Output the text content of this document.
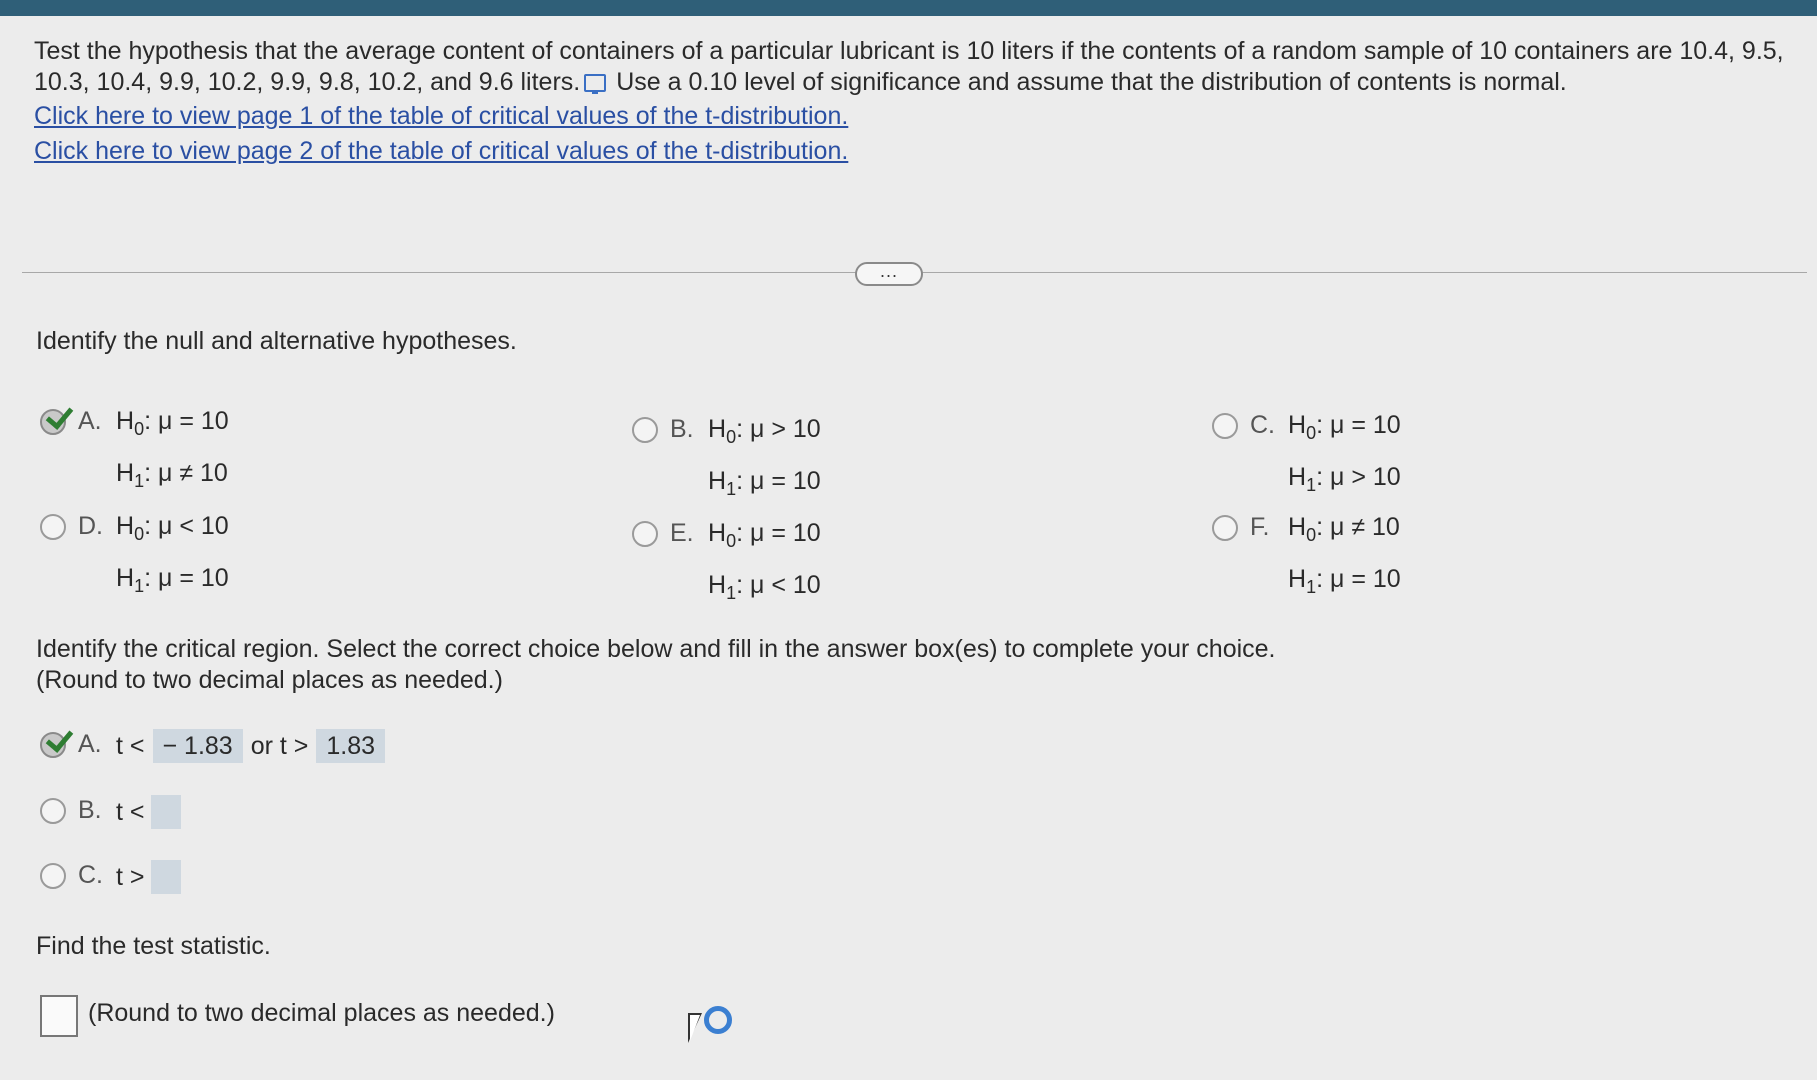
Test the hypothesis that the average content of containers of a particular lubricant is 10 liters if the contents of a random sample of 10 containers are 10.4, 9.5, 10.3, 10.4, 9.9, 10.2, 9.9, 9.8, 10.2, and 9.6 liters. Use a 0.10 level of significance and assume that the distribution of contents is normal.
Click here to view page 1 of the table of critical values of the t-distribution.
Click here to view page 2 of the table of critical values of the t-distribution.
...
Identify the null and alternative hypotheses.
A. $H_0$: μ = 10
$H_1$: μ ≠ 10
B. $H_0$: μ > 10
$H_1$: μ = 10
C. $H_0$: μ = 10
$H_1$: μ > 10
D. $H_0$: μ < 10
$H_1$: μ = 10
E. $H_0$: μ = 10
$H_1$: μ < 10
F. $H_0$: μ ≠ 10
$H_1$: μ = 10
Identify the critical region. Select the correct choice below and fill in the answer box(es) to complete your choice.
(Round to two decimal places as needed.)
A. t < − 1.83 or t > 1.83
B. t <
C. t >
Find the test statistic.
(Round to two decimal places as needed.)
